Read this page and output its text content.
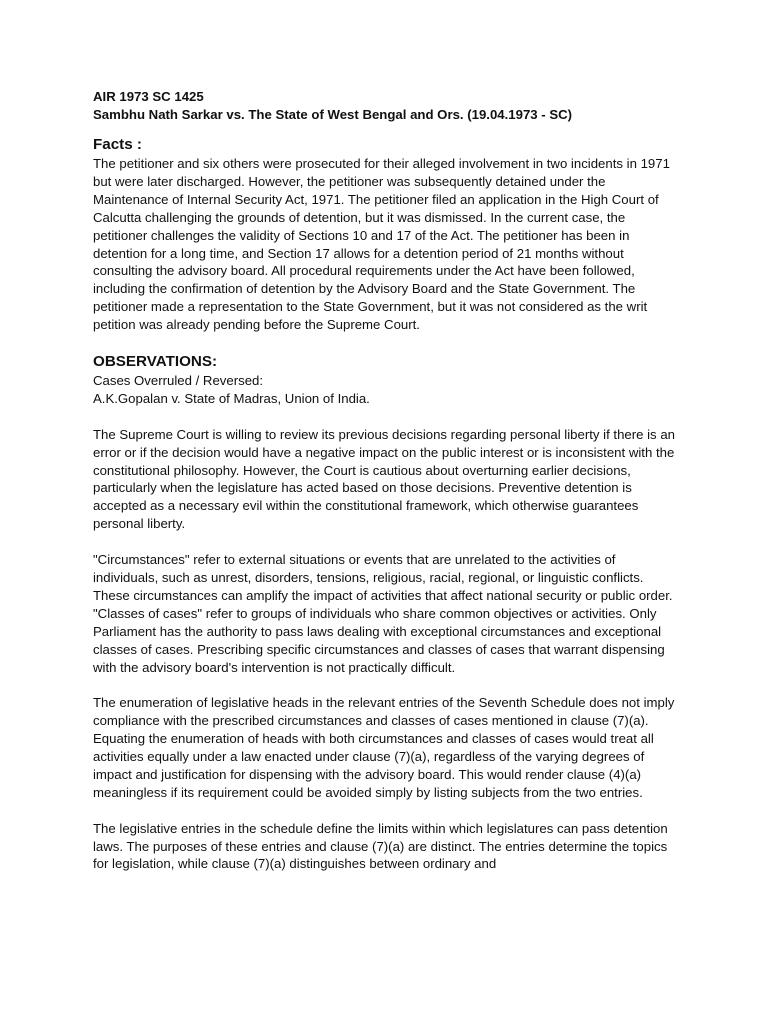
AIR 1973 SC 1425

Sambhu Nath Sarkar vs. The State of West Bengal and Ors. (19.04.1973 - SC)

Facts :

The petitioner and six others were prosecuted for their alleged involvement in two incidents in 1971 but were later discharged. However, the petitioner was subsequently detained under the Maintenance of Internal Security Act, 1971. The petitioner filed an application in the High Court of Calcutta challenging the grounds of detention, but it was dismissed. In the current case, the petitioner challenges the validity of Sections 10 and 17 of the Act. The petitioner has been in detention for a long time, and Section 17 allows for a detention period of 21 months without consulting the advisory board. All procedural requirements under the Act have been followed, including the confirmation of detention by the Advisory Board and the State Government. The petitioner made a representation to the State Government, but it was not considered as the writ petition was already pending before the Supreme Court.

OBSERVATIONS:

Cases Overruled / Reversed:

A.K.Gopalan v. State of Madras, Union of India.

The Supreme Court is willing to review its previous decisions regarding personal liberty if there is an error or if the decision would have a negative impact on the public interest or is inconsistent with the constitutional philosophy. However, the Court is cautious about overturning earlier decisions, particularly when the legislature has acted based on those decisions. Preventive detention is accepted as a necessary evil within the constitutional framework, which otherwise guarantees personal liberty.

"Circumstances" refer to external situations or events that are unrelated to the activities of individuals, such as unrest, disorders, tensions, religious, racial, regional, or linguistic conflicts. These circumstances can amplify the impact of activities that affect national security or public order. "Classes of cases" refer to groups of individuals who share common objectives or activities. Only Parliament has the authority to pass laws dealing with exceptional circumstances and exceptional classes of cases. Prescribing specific circumstances and classes of cases that warrant dispensing with the advisory board's intervention is not practically difficult.

The enumeration of legislative heads in the relevant entries of the Seventh Schedule does not imply compliance with the prescribed circumstances and classes of cases mentioned in clause (7)(a). Equating the enumeration of heads with both circumstances and classes of cases would treat all activities equally under a law enacted under clause (7)(a), regardless of the varying degrees of impact and justification for dispensing with the advisory board. This would render clause (4)(a) meaningless if its requirement could be avoided simply by listing subjects from the two entries.

The legislative entries in the schedule define the limits within which legislatures can pass detention laws. The purposes of these entries and clause (7)(a) are distinct. The entries determine the topics for legislation, while clause (7)(a) distinguishes between ordinary and
